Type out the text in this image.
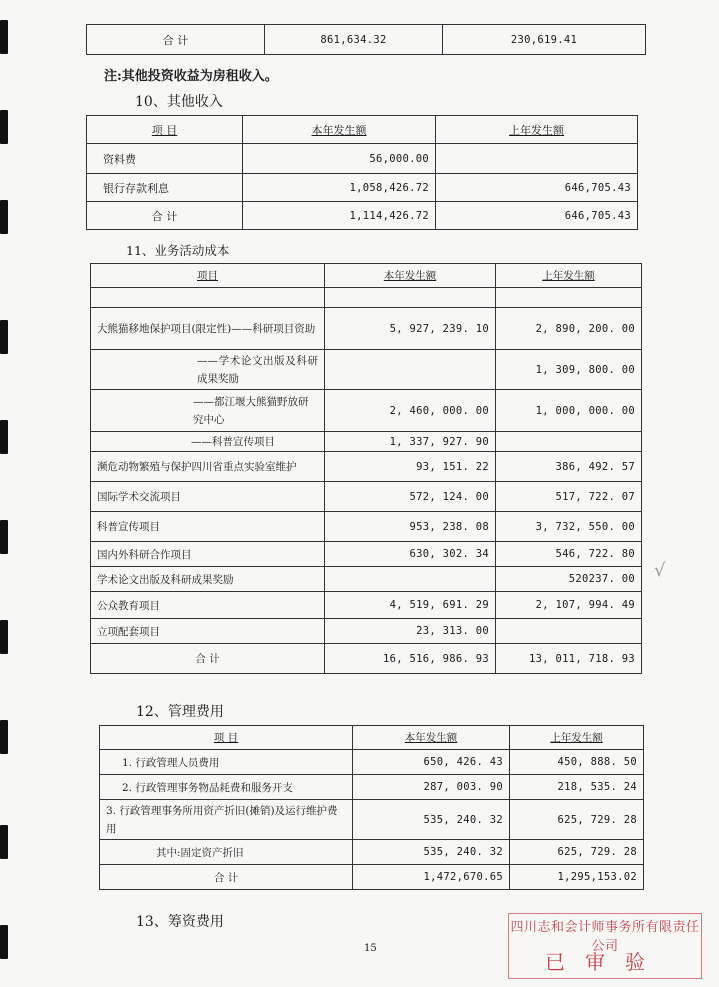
合 计	861,634.32	230,619.41
注:其他投资收益为房租收入。
10、其他收入
项 目	本年发生额	上年发生额
资料费	56,000.00	
银行存款利息	1,058,426.72	646,705.43
合 计	1,114,426.72	646,705.43
11、业务活动成本
项目	本年发生额	上年发生额

大熊猫移地保护项目(限定性)——科研项目资助	5, 927, 239. 10	2, 890, 200. 00

——学术论文出版及科研成果奖励		1, 309, 800. 00

——都江堰大熊猫野放研究中心	2, 460, 000. 00	1, 000, 000. 00
——科普宣传项目	1, 337, 927. 90	
濒危动物繁殖与保护四川省重点实验室维护	93, 151. 22	386, 492. 57
国际学术交流项目	572, 124. 00	517, 722. 07
科普宣传项目	953, 238. 08	3, 732, 550. 00
国内外科研合作项目	630, 302. 34	546, 722. 80
学术论文出版及科研成果奖励		520237. 00
公众教育项目	4, 519, 691. 29	2, 107, 994. 49
立项配套项目	23, 313. 00	
合 计	16, 516, 986. 93	13, 011, 718. 93
√
12、管理费用
项 目	本年发生额	上年发生额
1. 行政管理人员费用	650, 426. 43	450, 888. 50
2. 行政管理事务物品耗费和服务开支	287, 003. 90	218, 535. 24
3. 行政管理事务所用资产折旧(摊销)及运行维护费用	535, 240. 32	625, 729. 28
其中:固定资产折旧	535, 240. 32	625, 729. 28
合 计	1,472,670.65	1,295,153.02
13、筹资费用
15
四川志和会计师事务所有限责任公司
已审验
